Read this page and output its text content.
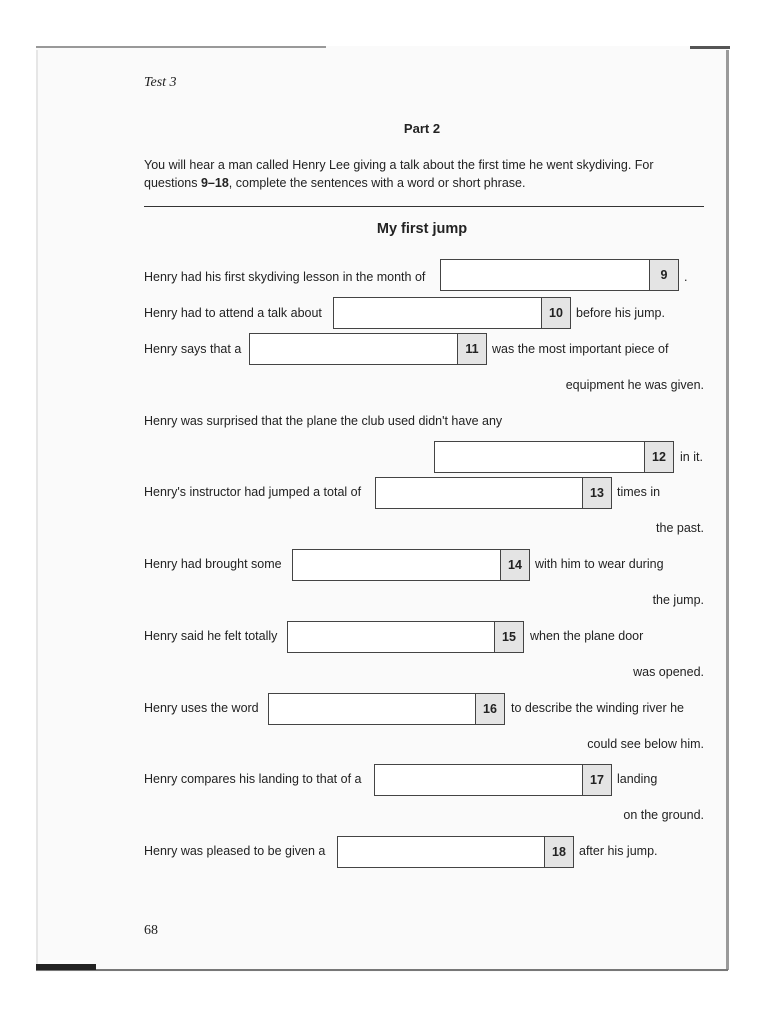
Test 3
Part 2
You will hear a man called Henry Lee giving a talk about the first time he went skydiving. For questions 9–18, complete the sentences with a word or short phrase.
My first jump
Henry had his first skydiving lesson in the month of	9	.
Henry had to attend a talk about	10	before his jump.
Henry says that a	11	was the most important piece of
equipment he was given.
Henry was surprised that the plane the club used didn't have any
12	in it.
Henry's instructor had jumped a total of	13	times in
the past.
Henry had brought some	14	with him to wear during
the jump.
Henry said he felt totally	15	when the plane door
was opened.
Henry uses the word	16	to describe the winding river he
could see below him.
Henry compares his landing to that of a	17	landing
on the ground.
Henry was pleased to be given a	18	after his jump.
68
